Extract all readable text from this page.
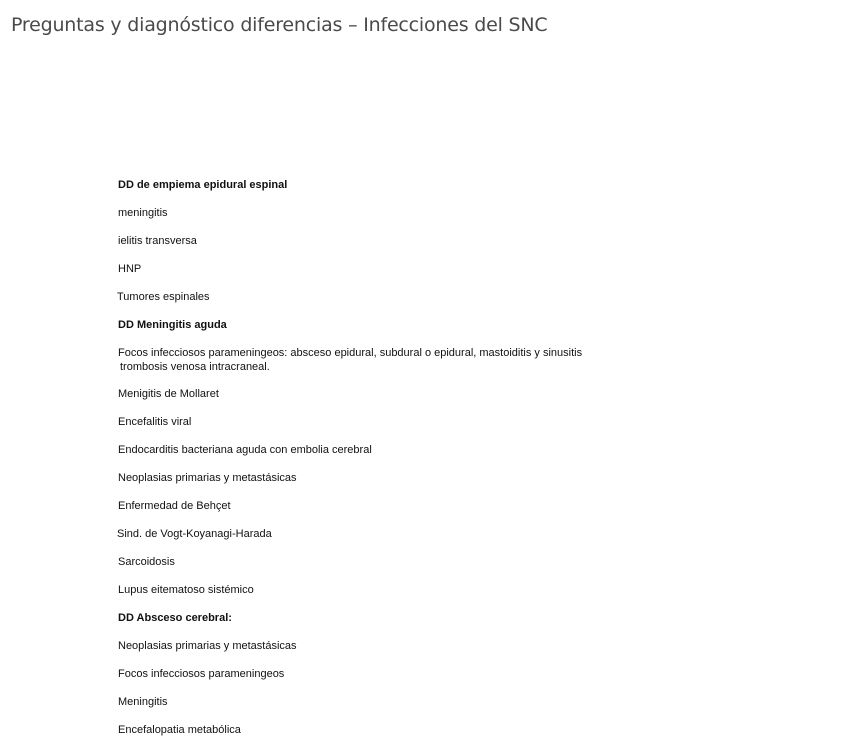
Preguntas y diagnóstico diferencias – Infecciones del SNC

DD de empiema epidural espinal

meningitis

ielitis transversa

HNP

Tumores espinales

DD Meningitis aguda

Focos infecciosos parameningeos: absceso epidural, subdural o epidural, mastoiditis y sinusitis
trombosis venosa intracraneal.

Menigitis de Mollaret

Encefalitis viral

Endocarditis bacteriana aguda con embolia cerebral

Neoplasias primarias y metastásicas

Enfermedad de Behçet

Sind. de Vogt-Koyanagi-Harada

Sarcoidosis

Lupus eitematoso sistémico

DD Absceso cerebral:

Neoplasias primarias y metastásicas

Focos infecciosos parameningeos

Meningitis

Encefalopatia metabólica
